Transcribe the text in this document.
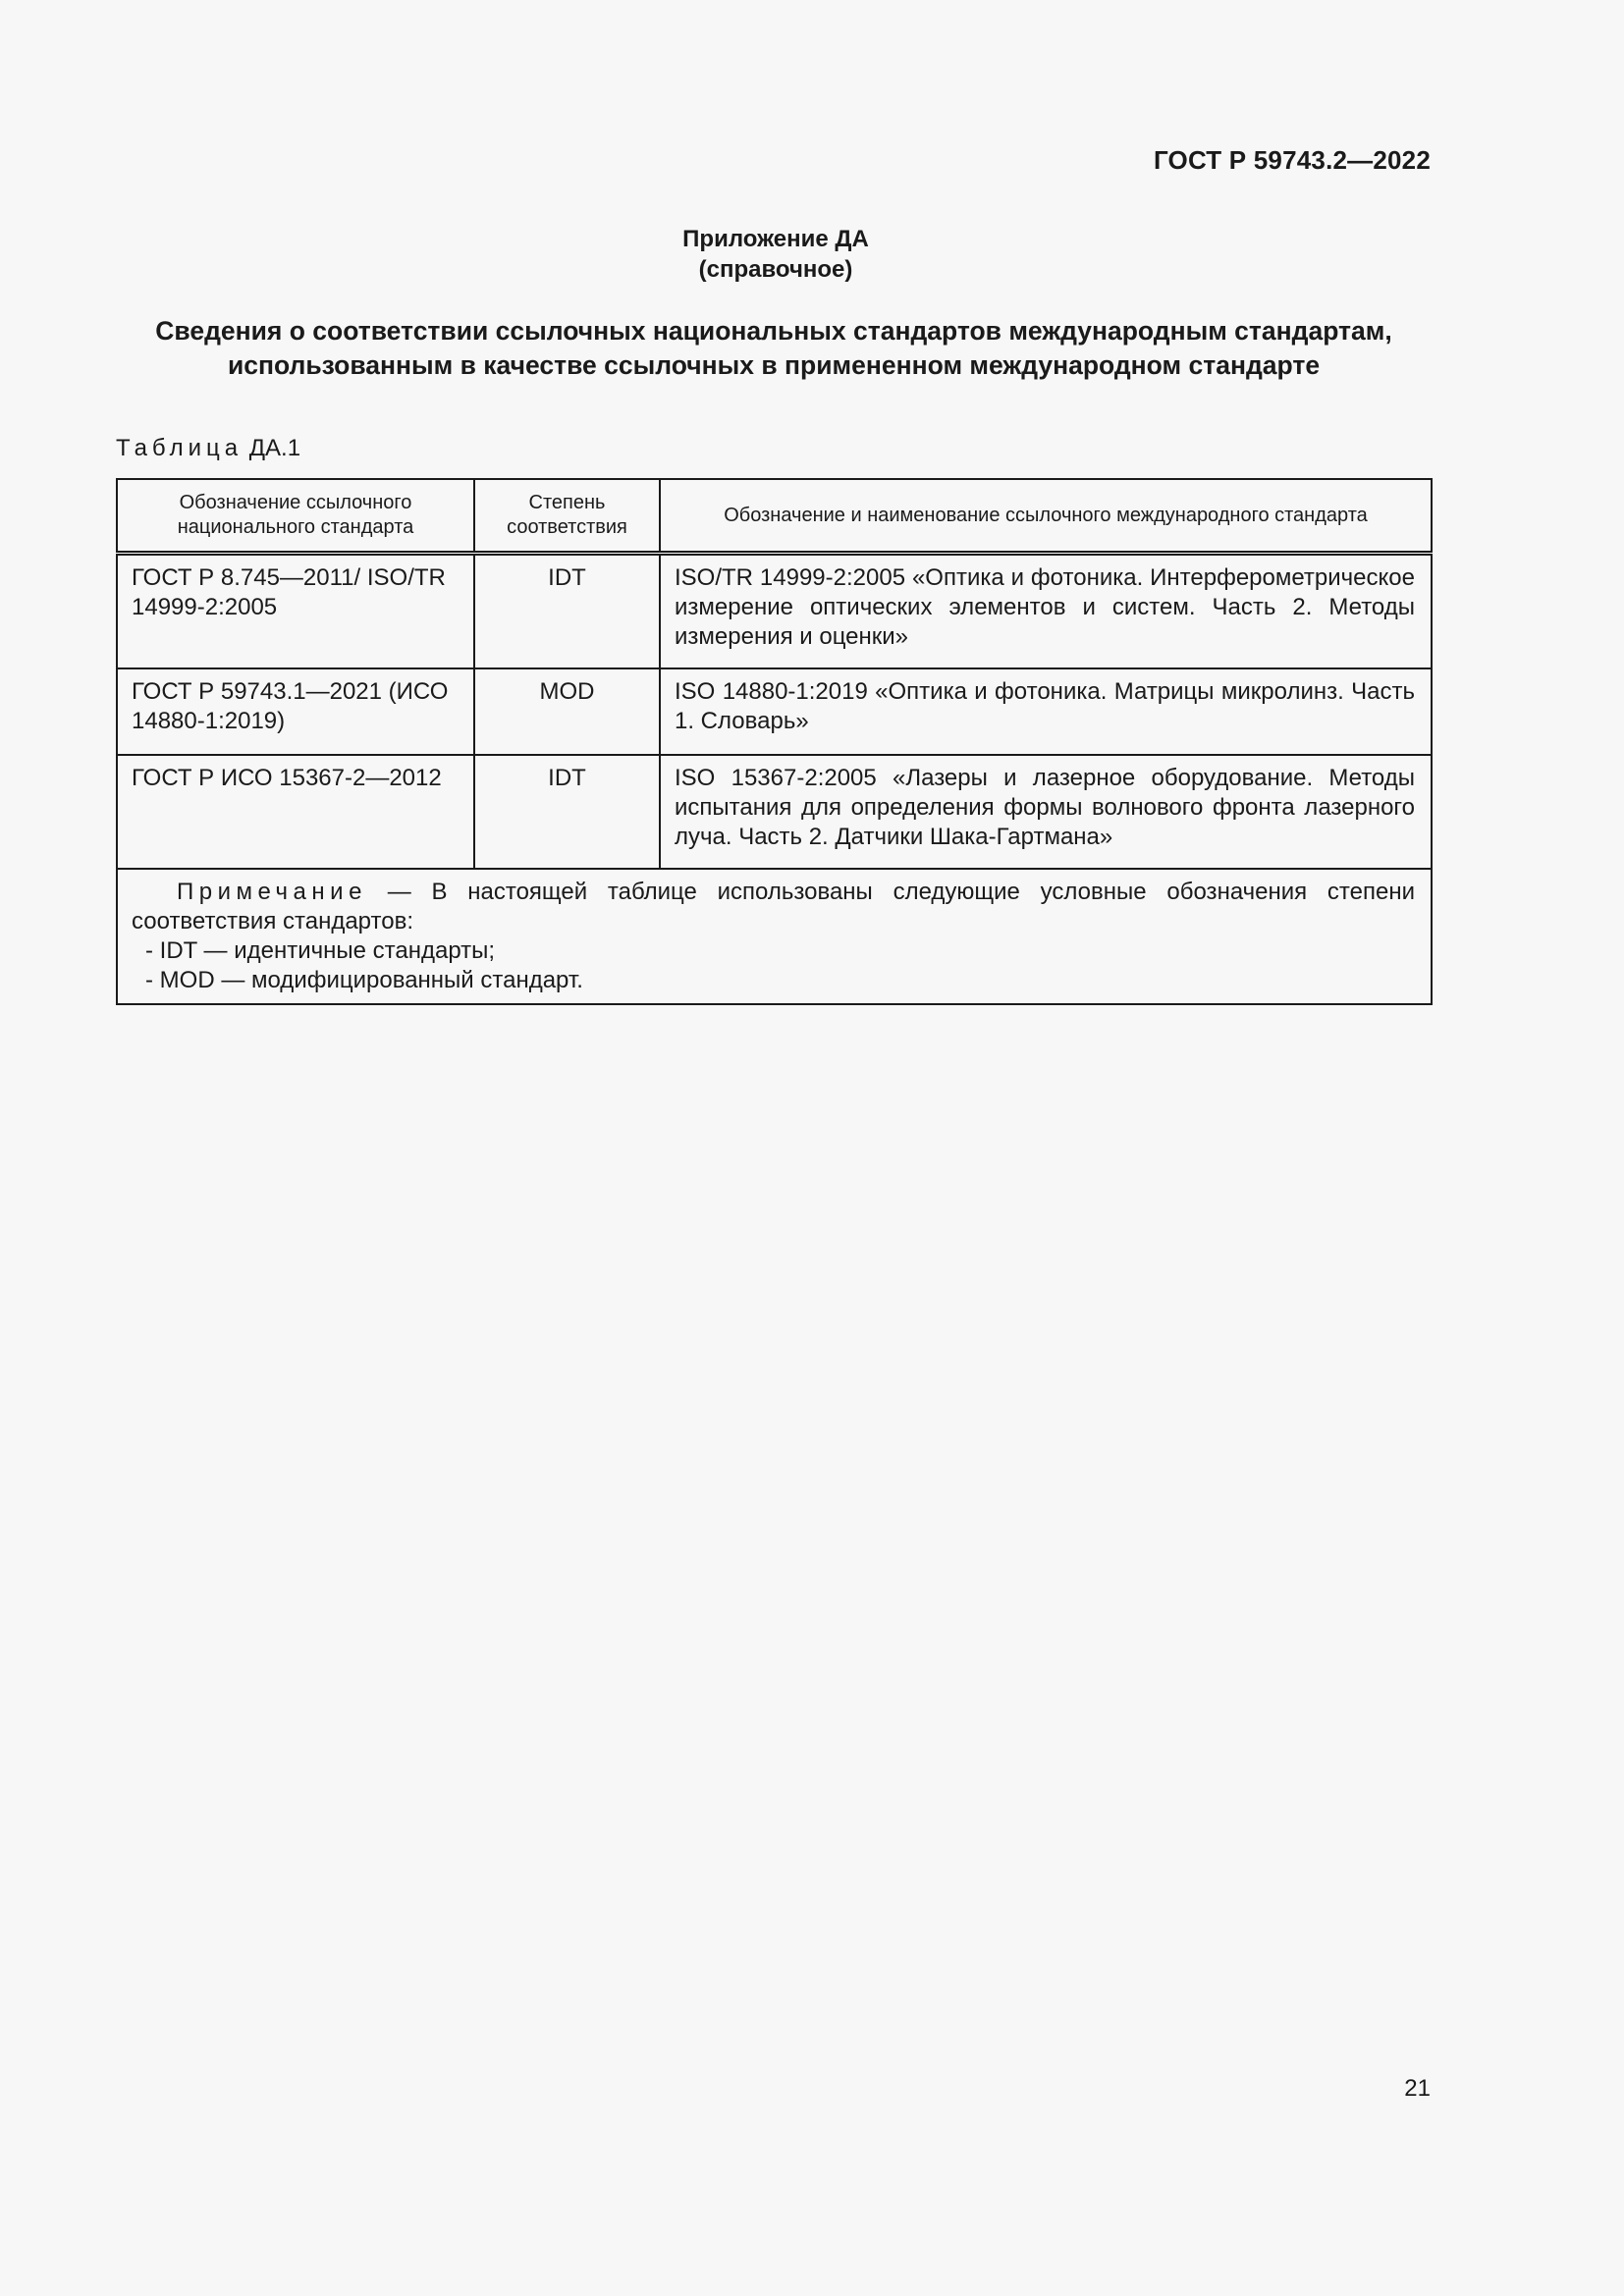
ГОСТ Р 59743.2—2022
Приложение ДА
(справочное)
Сведения о соответствии ссылочных национальных стандартов международным стандартам,
использованным в качестве ссылочных в примененном международном стандарте
Таблица ДА.1
Обозначение ссылочного национального стандарта	Степень соответствия	Обозначение и наименование ссылочного международного стандарта
ГОСТ Р 8.745—2011/ ISO/TR 14999-2:2005	IDT	ISO/TR 14999-2:2005 «Оптика и фотоника. Интерферометрическое измерение оптических элементов и систем. Часть 2. Методы измерения и оценки»
ГОСТ Р 59743.1—2021 (ИСО 14880-1:2019)	MOD	ISO 14880-1:2019 «Оптика и фотоника. Матрицы микролинз. Часть 1. Словарь»
ГОСТ Р ИСО 15367-2—2012	IDT	ISO 15367-2:2005 «Лазеры и лазерное оборудование. Методы испытания для определения формы волнового фронта лазерного луча. Часть 2. Датчики Шака-Гартмана»

Примечание — В настоящей таблице использованы следующие условные обозначения степени соответствия стандартов:

- IDT — идентичные стандарты;

- MOD — модифицированный стандарт.		

21
